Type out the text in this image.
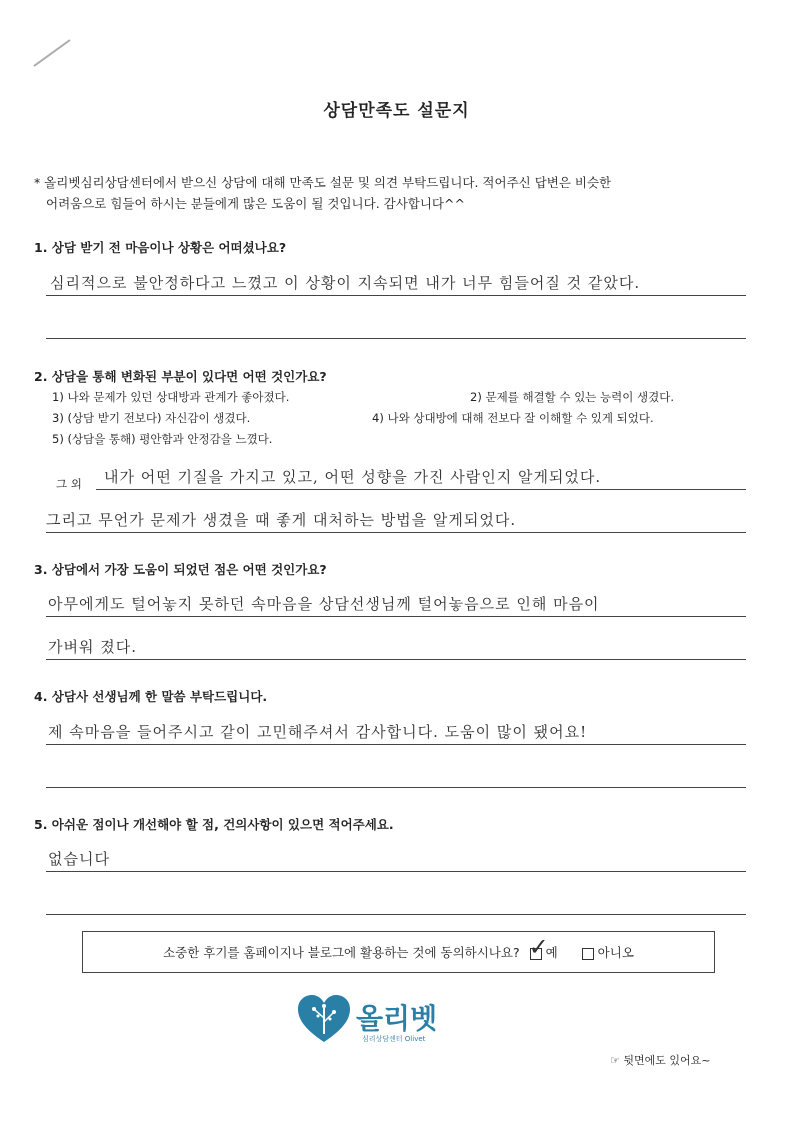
상담만족도 설문지
* 올리벳심리상담센터에서 받으신 상담에 대해 만족도 설문 및 의견 부탁드립니다. 적어주신 답변은 비슷한
어려움으로 힘들어 하시는 분들에게 많은 도움이 될 것입니다. 감사합니다^^
1. 상담 받기 전 마음이나 상황은 어떠셨나요?
심리적으로 불안정하다고 느꼈고 이 상황이 지속되면 내가 너무 힘들어질 것 같았다.
2. 상담을 통해 변화된 부분이 있다면 어떤 것인가요?
1) 나와 문제가 있던 상대방과 관계가 좋아졌다.	2) 문제를 해결할 수 있는 능력이 생겼다.
3) (상담 받기 전보다) 자신감이 생겼다.	4) 나와 상대방에 대해 전보다 잘 이해할 수 있게 되었다.
5) (상담을 통해) 평안함과 안정감을 느꼈다.
그 외 내가 어떤 기질을 가지고 있고, 어떤 성향을 가진 사람인지 알게되었다.
그리고 무언가 문제가 생겼을 때 좋게 대처하는 방법을 알게되었다.
3. 상담에서 가장 도움이 되었던 점은 어떤 것인가요?
아무에게도 털어놓지 못하던 속마음을 상담선생님께 털어놓음으로 인해 마음이
가벼워 졌다.
4. 상담사 선생님께 한 말씀 부탁드립니다.
제 속마음을 들어주시고 같이 고민해주셔서 감사합니다. 도움이 많이 됐어요!
5. 아쉬운 점이나 개선해야 할 점, 건의사항이 있으면 적어주세요.
없습니다
소중한 후기를 홈페이지나 블로그에 활용하는 것에 동의하시나요? ✓
예	아니오
올리벳
심리상담센터 Olivet
☞ 뒷면에도 있어요~
